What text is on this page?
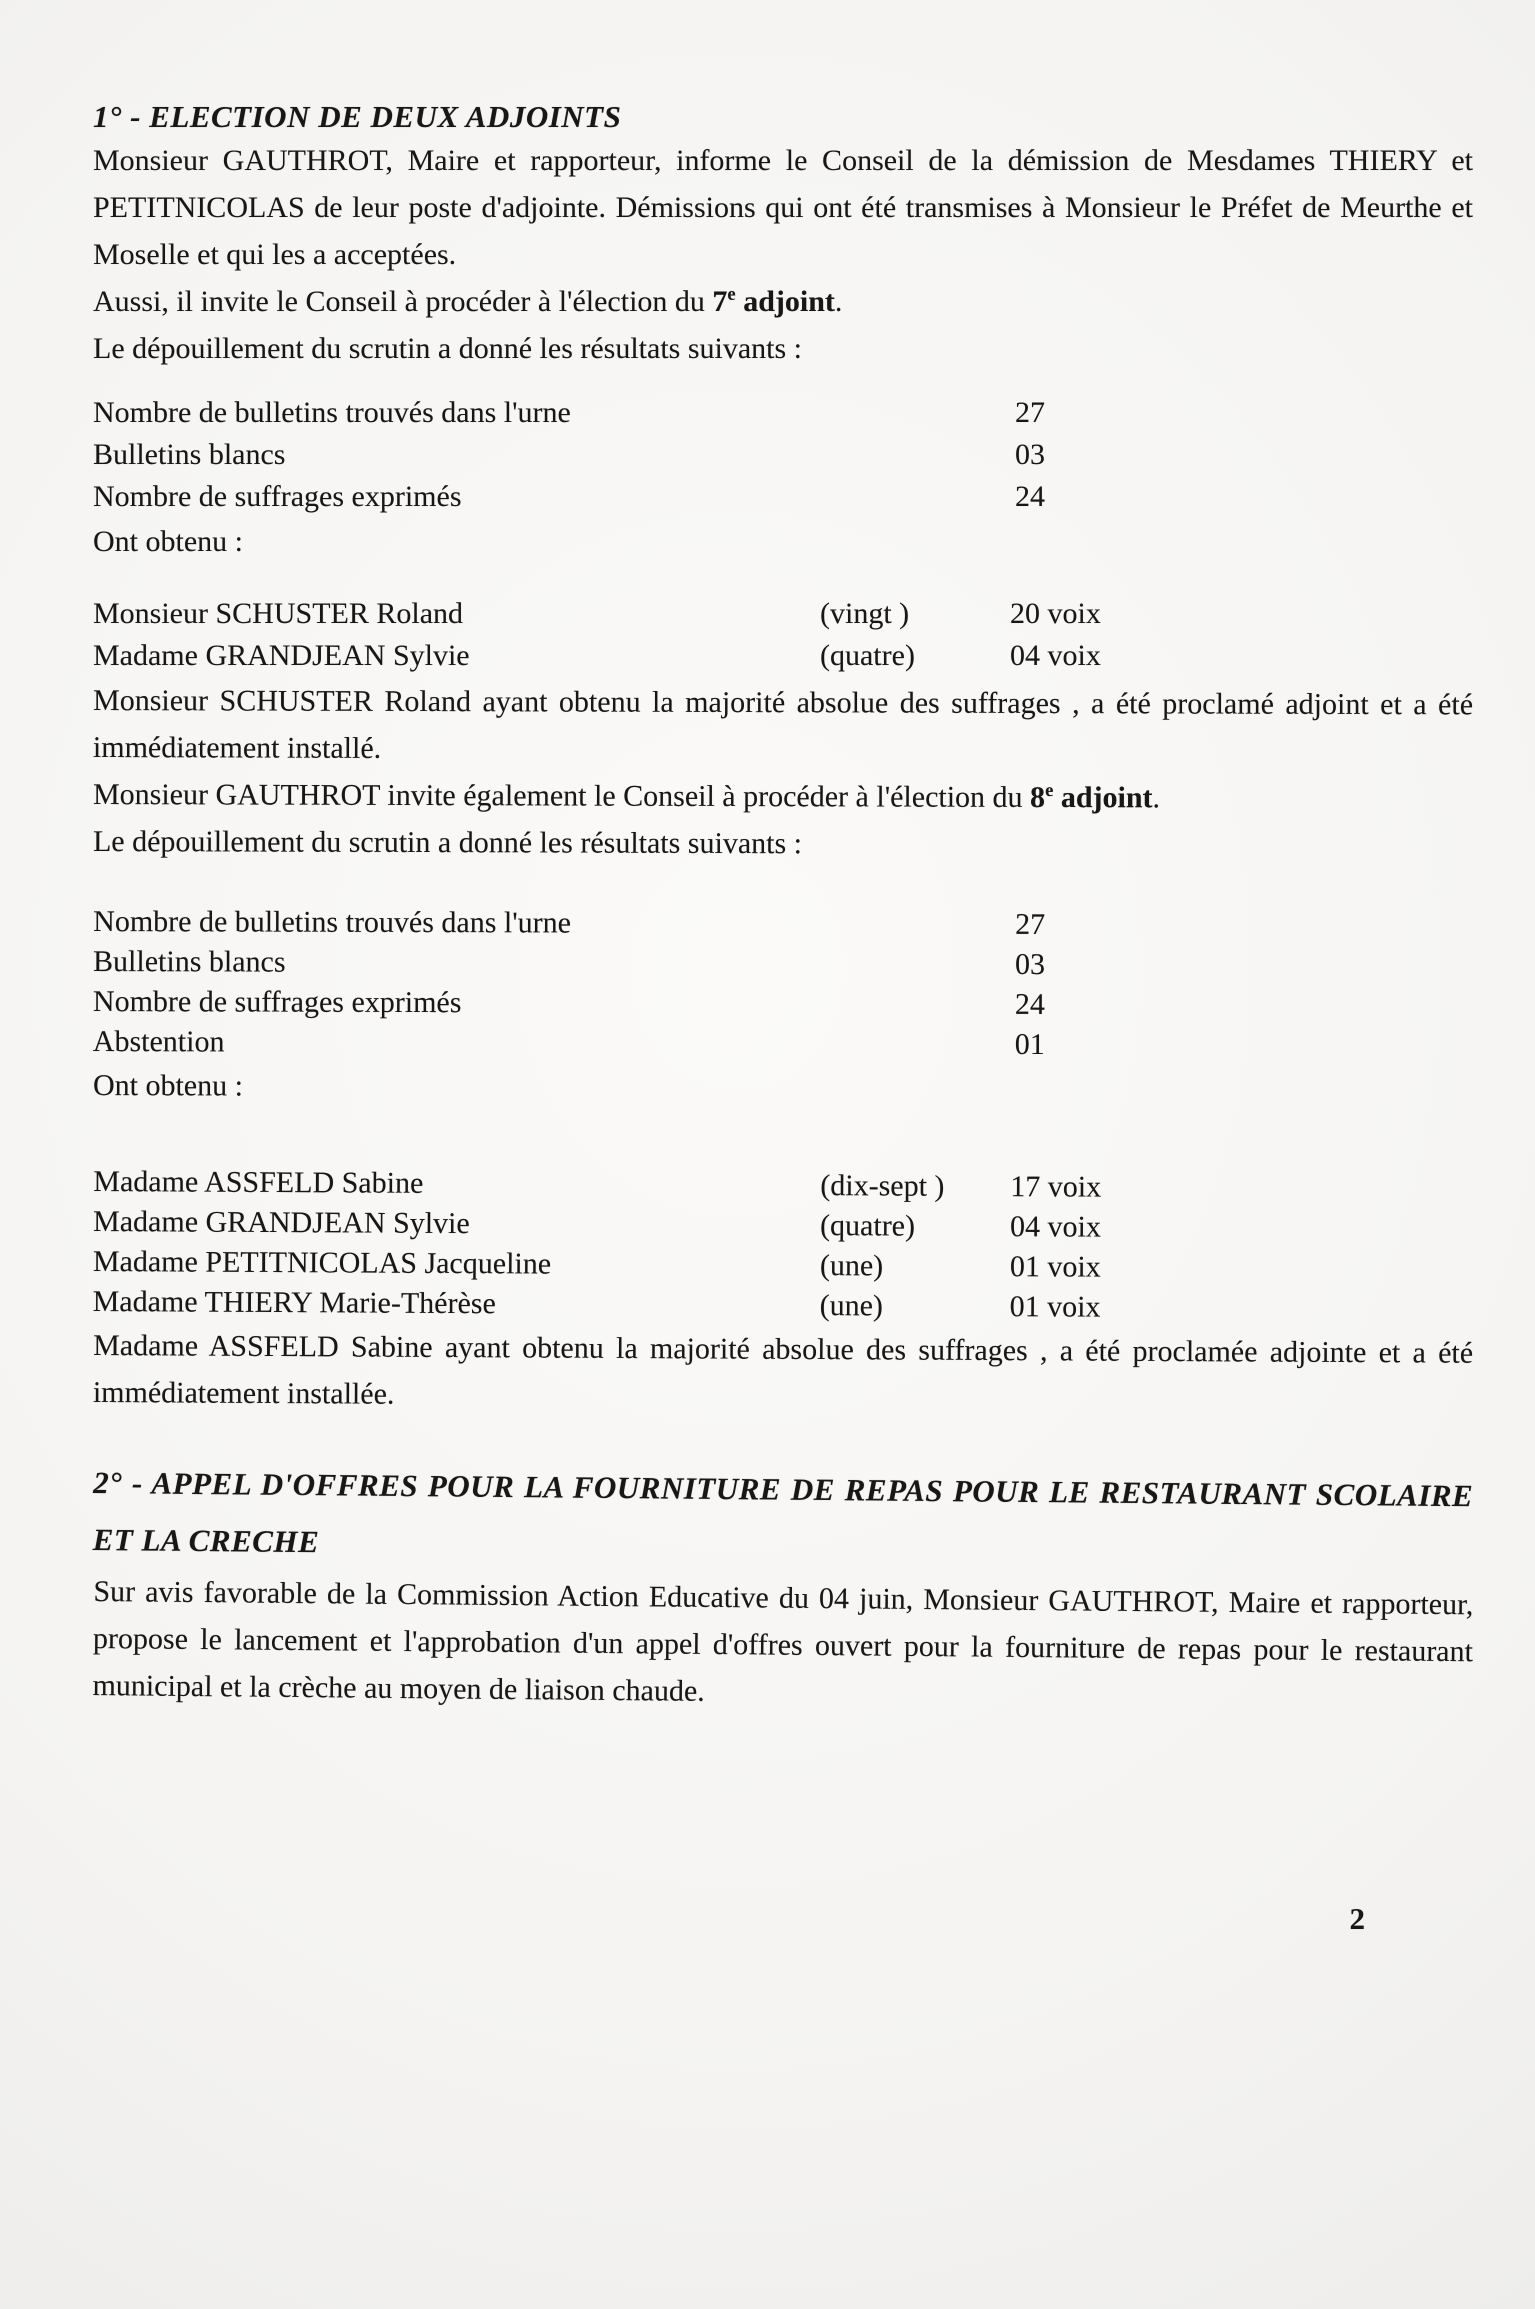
1° - ELECTION DE DEUX ADJOINTS

Monsieur GAUTHROT, Maire et rapporteur, informe le Conseil de la démission de Mesdames THIERY et PETITNICOLAS de leur poste d'adjointe. Démissions qui ont été transmises à Monsieur le Préfet de Meurthe et Moselle et qui les a acceptées.

Aussi, il invite le Conseil à procéder à l'élection du 7e adjoint.

Le dépouillement du scrutin a donné les résultats suivants :

Nombre de bulletins trouvés dans l'urne	27
Bulletins blancs	03
Nombre de suffrages exprimés	24

Ont obtenu :

Monsieur SCHUSTER Roland	(vingt )	20 voix
Madame GRANDJEAN Sylvie	(quatre)	04 voix

Monsieur SCHUSTER Roland ayant obtenu la majorité absolue des suffrages , a été proclamé adjoint et a été immédiatement installé.

Monsieur GAUTHROT invite également le Conseil à procéder à l'élection du 8e adjoint.

Le dépouillement du scrutin a donné les résultats suivants :

Nombre de bulletins trouvés dans l'urne	27
Bulletins blancs	03
Nombre de suffrages exprimés	24
Abstention	01

Ont obtenu :

Madame ASSFELD Sabine	(dix-sept )	17 voix
Madame GRANDJEAN Sylvie	(quatre)	04 voix
Madame PETITNICOLAS Jacqueline	(une)	01 voix
Madame THIERY Marie-Thérèse	(une)	01 voix

Madame ASSFELD Sabine ayant obtenu la majorité absolue des suffrages , a été proclamée adjointe et a été immédiatement installée.

2° - APPEL D'OFFRES POUR LA FOURNITURE DE REPAS POUR LE RESTAURANT SCOLAIRE ET LA CRECHE

Sur avis favorable de la Commission Action Educative du 04 juin, Monsieur GAUTHROT, Maire et rapporteur, propose le lancement et l'approbation d'un appel d'offres ouvert pour la fourniture de repas pour le restaurant municipal et la crèche au moyen de liaison chaude.

2
